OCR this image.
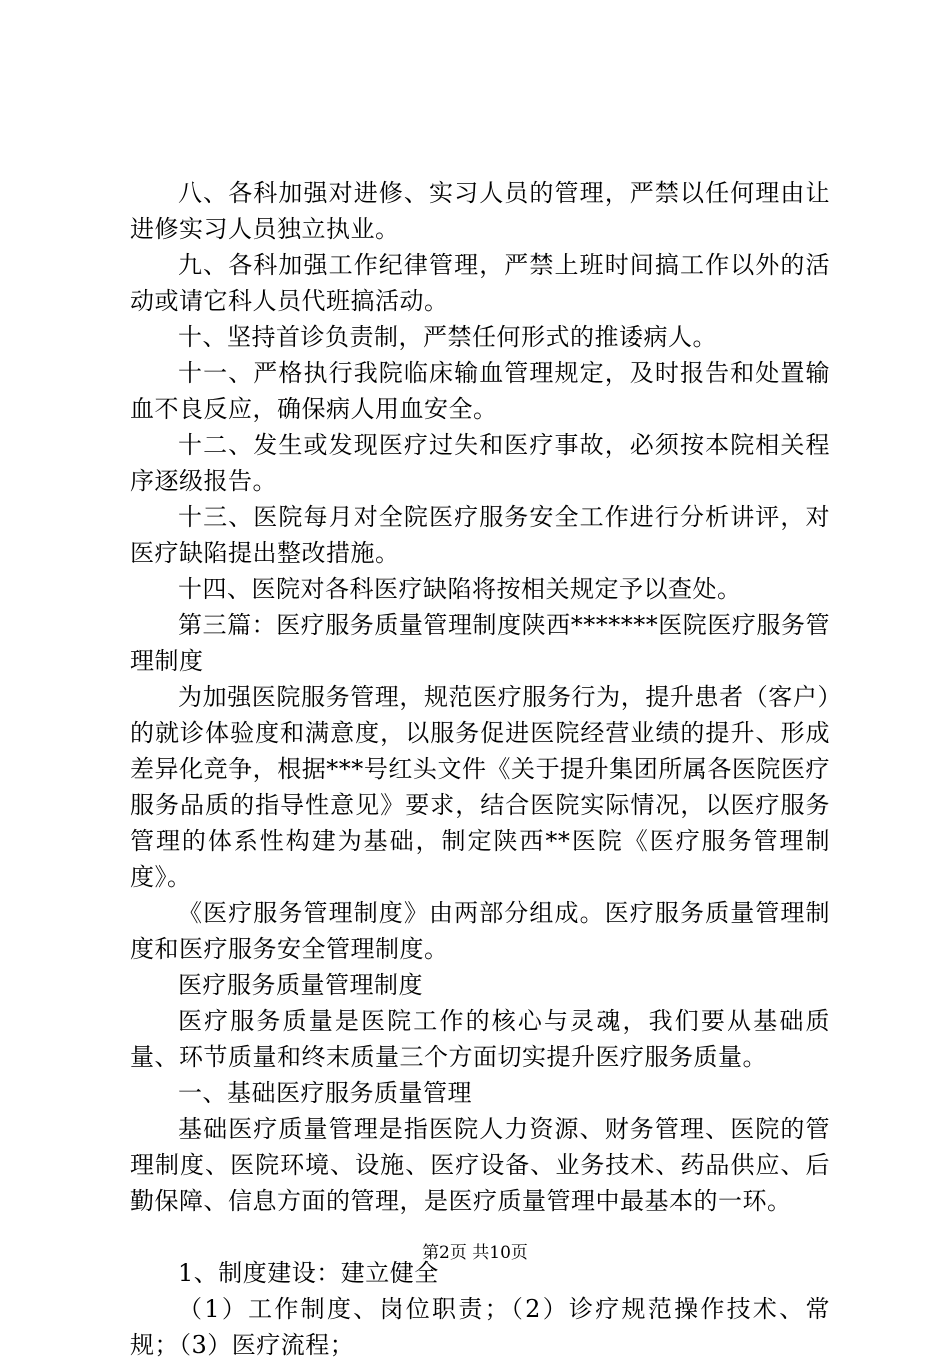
八、各科加强对进修、实习人员的管理，严禁以任何理由让进修实习人员独立执业。

九、各科加强工作纪律管理，严禁上班时间搞工作以外的活动或请它科人员代班搞活动。

十、坚持首诊负责制，严禁任何形式的推诿病人。

十一、严格执行我院临床输血管理规定，及时报告和处置输血不良反应，确保病人用血安全。

十二、发生或发现医疗过失和医疗事故，必须按本院相关程序逐级报告。

十三、医院每月对全院医疗服务安全工作进行分析讲评，对医疗缺陷提出整改措施。

十四、医院对各科医疗缺陷将按相关规定予以查处。

第三篇：医疗服务质量管理制度陕西*******医院医疗服务管理制度

为加强医院服务管理，规范医疗服务行为，提升患者（客户）的就诊体验度和满意度，以服务促进医院经营业绩的提升、形成差异化竞争，根据***号红头文件《关于提升集团所属各医院医疗服务品质的指导性意见》要求，结合医院实际情况，以医疗服务管理的体系性构建为基础，制定陕西**医院《医疗服务管理制度》。

《医疗服务管理制度》由两部分组成。医疗服务质量管理制度和医疗服务安全管理制度。

医疗服务质量管理制度

医疗服务质量是医院工作的核心与灵魂，我们要从基础质量、环节质量和终末质量三个方面切实提升医疗服务质量。

一、基础医疗服务质量管理

基础医疗质量管理是指医院人力资源、财务管理、医院的管理制度、医院环境、设施、医疗设备、业务技术、药品供应、后勤保障、信息方面的管理，是医疗质量管理中最基本的一环。

1、制度建设：建立健全

（1）工作制度、岗位职责；（2）诊疗规范操作技术、常规；（3）医疗流程；

第2页 共10页
